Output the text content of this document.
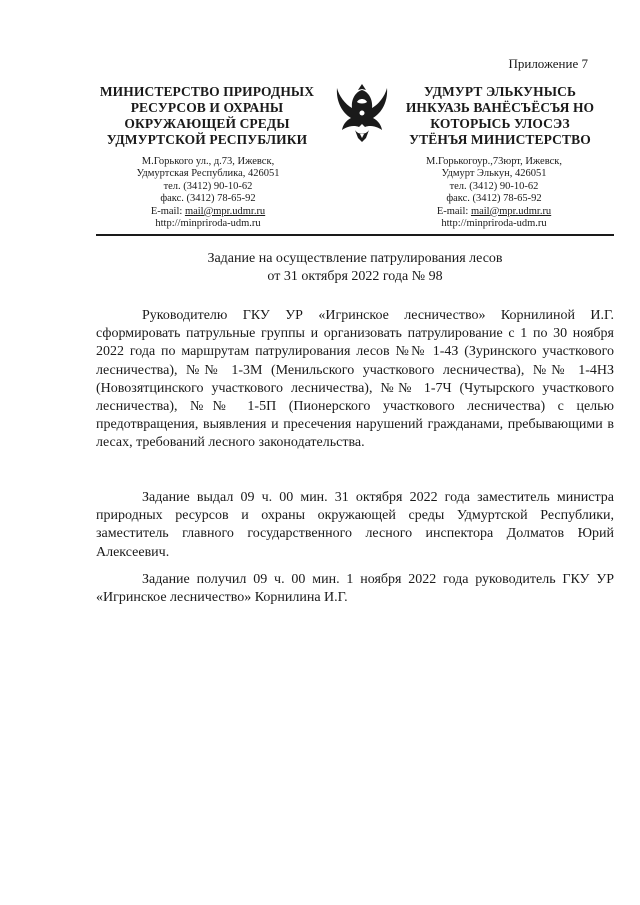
Приложение 7
МИНИСТЕРСТВО ПРИРОДНЫХ
РЕСУРСОВ И ОХРАНЫ
ОКРУЖАЮЩЕЙ СРЕДЫ
УДМУРТСКОЙ РЕСПУБЛИКИ
УДМУРТ ЭЛЬКУНЫСЬ
ИНКУАЗЬ ВАНЁСЪЁСЪЯ НО
КОТОРЫСЬ УЛОСЭЗ
УТЁНЪЯ МИНИСТЕРСТВО
М.Горького ул., д.73, Ижевск,
Удмуртская Республика, 426051
тел. (3412) 90-10-62
факс. (3412) 78-65-92
E-mail: mail@mpr.udmr.ru
http://minpriroda-udm.ru
М.Горькогоур.,73юрт, Ижевск,
Удмурт Элькун, 426051
тел. (3412) 90-10-62
факс. (3412) 78-65-92
E-mail: mail@mpr.udmr.ru
http://minpriroda-udm.ru
Задание на осуществление патрулирования лесов
от 31 октября 2022 года № 98

Руководителю ГКУ УР «Игринское лесничество» Корнилиной И.Г. сформировать патрульные группы и организовать патрулирование с 1 по 30 ноября 2022 года по маршрутам патрулирования лесов №№ 1-4З (Зуринского участкового лесничества), №№ 1-3М (Менильского участкового лесничества), №№ 1-4НЗ (Новозятцинского участкового лесничества), №№ 1-7Ч (Чутырского участкового лесничества), №№ 1-5П (Пионерского участкового лесничества) с целью предотвращения, выявления и пресечения нарушений гражданами, пребывающими в лесах, требований лесного законодательства.

Задание выдал 09 ч. 00 мин. 31 октября 2022 года заместитель министра природных ресурсов и охраны окружающей среды Удмуртской Республики, заместитель главного государственного лесного инспектора Долматов Юрий Алексеевич.

Задание получил 09 ч. 00 мин. 1 ноября 2022 года руководитель ГКУ УР «Игринское лесничество» Корнилина И.Г.
